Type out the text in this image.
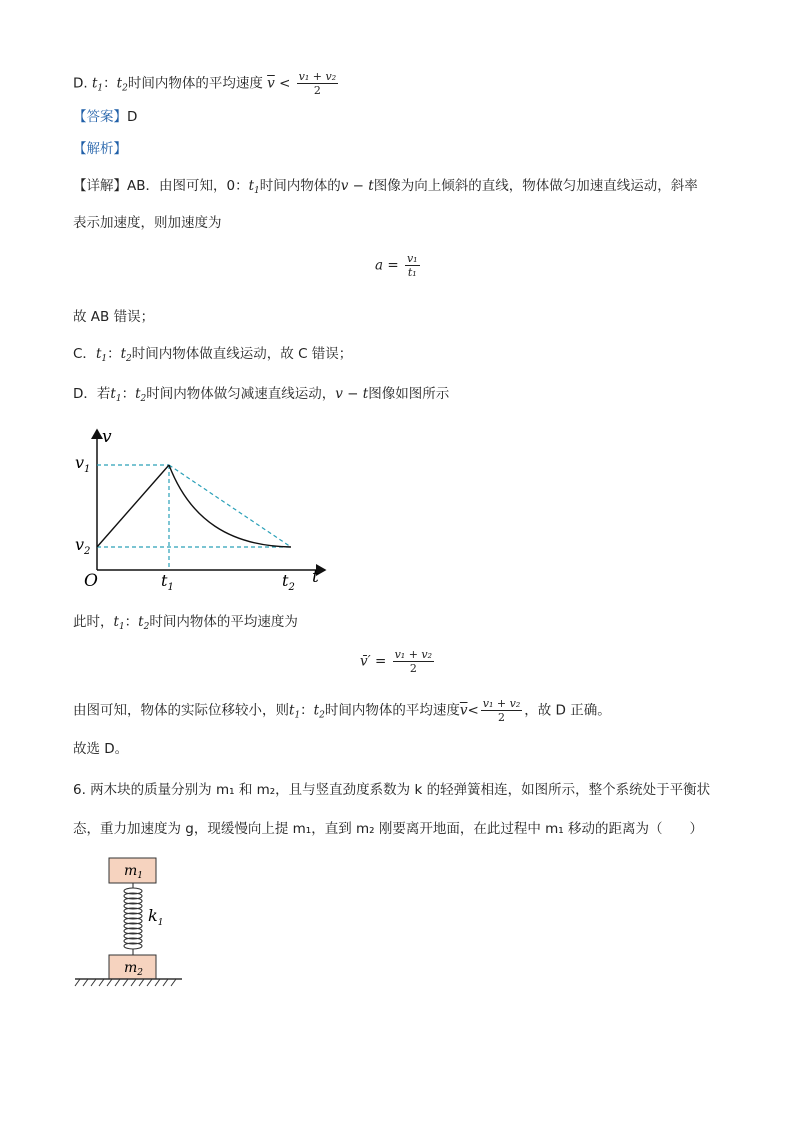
D. $t_1$：$t_2$时间内物体的平均速度 $\overline{v} < \frac{\text{v₁ + v₂}}{2}$
【答案】D
【解析】
【详解】AB．由图可知，0：$t_1$时间内物体的v − t图像为向上倾斜的直线，物体做匀加速直线运动，斜率
表示加速度，则加速度为
$a = \frac{\text{v₁}}{\text{t₁}}$
故 AB 错误；
C．$t_1$：$t_2$时间内物体做直线运动，故 C 错误；
D．若$t_1$：$t_2$时间内物体做匀减速直线运动，v − t图像如图所示
v
t
O
$v_1$
$v_2$
$t_1$	$t_2$
此时，$t_1$：$t_2$时间内物体的平均速度为
v̄′ = $\frac{\text{v₁ + v₂}}{2}$
由图可知，物体的实际位移较小，则$t_1$：$t_2$时间内物体的平均速度$\overline{v}< \frac{\text{v₁ + v₂}}{2}$ ，故 D 正确。
故选 D。
6. 两木块的质量分别为 m₁ 和 m₂，且与竖直劲度系数为 k 的轻弹簧相连，如图所示，整个系统处于平衡状
态，重力加速度为 g，现缓慢向上提 m₁，直到 m₂ 刚要离开地面，在此过程中 m₁ 移动的距离为（　　）
$m_1$
$k_1$
$m_2$
